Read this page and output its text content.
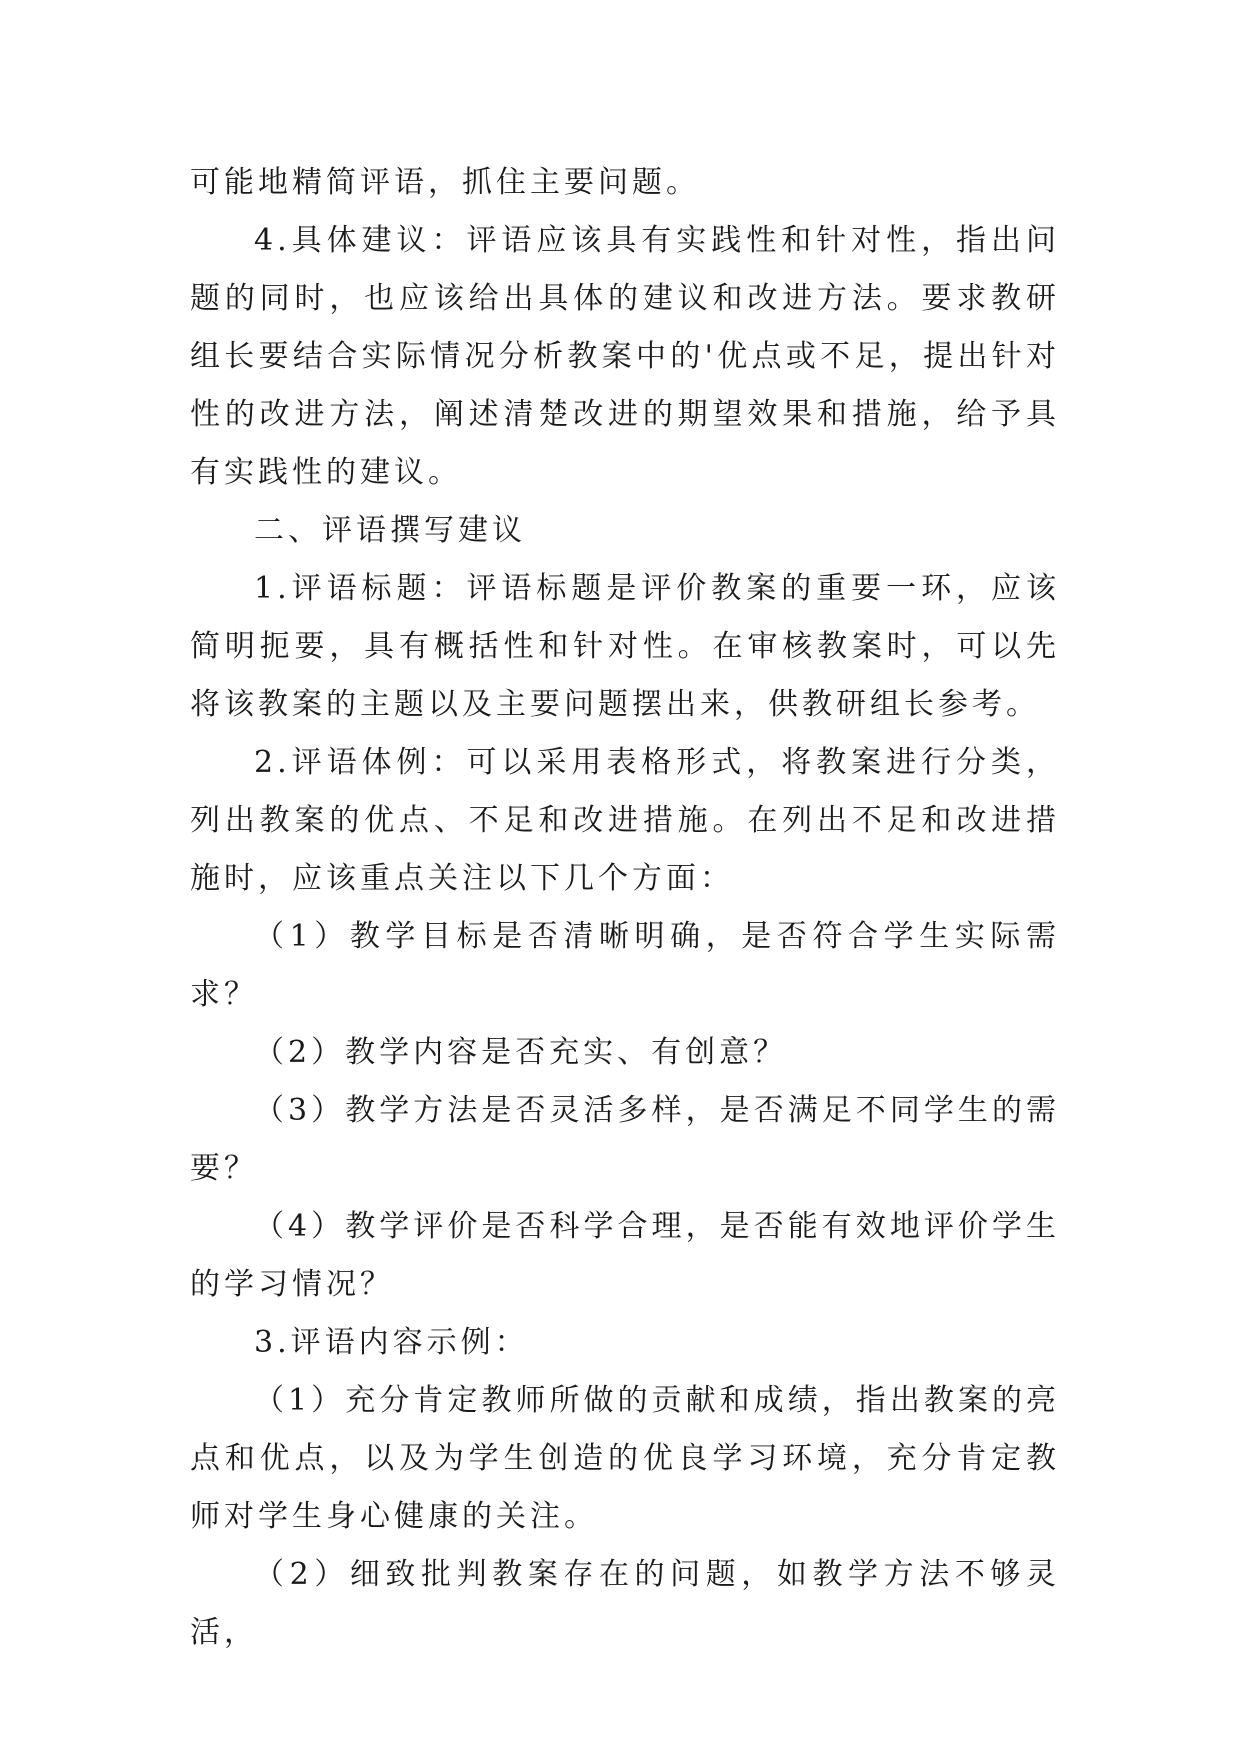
可能地精简评语，抓住主要问题。

4.具体建议：评语应该具有实践性和针对性，指出问题的同时，也应该给出具体的建议和改进方法。要求教研组长要结合实际情况分析教案中的'优点或不足，提出针对性的改进方法，阐述清楚改进的期望效果和措施，给予具有实践性的建议。

二、评语撰写建议

1.评语标题：评语标题是评价教案的重要一环，应该简明扼要，具有概括性和针对性。在审核教案时，可以先将该教案的主题以及主要问题摆出来，供教研组长参考。

2.评语体例：可以采用表格形式，将教案进行分类，列出教案的优点、不足和改进措施。在列出不足和改进措施时，应该重点关注以下几个方面：

（1）教学目标是否清晰明确，是否符合学生实际需求？

（2）教学内容是否充实、有创意？

（3）教学方法是否灵活多样，是否满足不同学生的需要？

（4）教学评价是否科学合理，是否能有效地评价学生的学习情况？

3.评语内容示例：

（1）充分肯定教师所做的贡献和成绩，指出教案的亮点和优点，以及为学生创造的优良学习环境，充分肯定教师对学生身心健康的关注。

（2）细致批判教案存在的问题，如教学方法不够灵活，
